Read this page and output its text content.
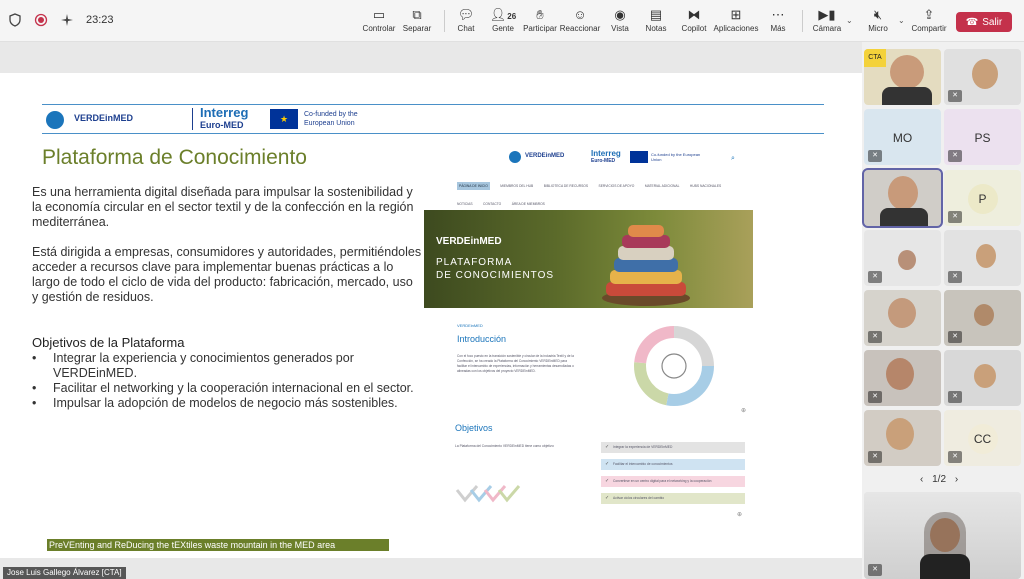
23:23	▭
Controlar
⧉
Separar
💬︎
Chat
👤︎26
Gente
✋︎
Participar
☺
Reaccionar
◉
Vista
▤
Notas
⧓
Copilot
⊞
Aplicaciones
⋯
Más
▶▮
Cámara
⌄	🔇︎
Micro
⌄	⇪
Compartir
☎ Salir
VERDEinMED	Interreg
Euro-MED
★	Co-funded by the European Union
Plataforma de Conocimiento
Es una herramienta digital diseñada para impulsar la sostenibilidad y la economía circular en el sector textil y de la confección en la región mediterránea.
Está dirigida a empresas, consumidores y autoridades, permitiéndoles acceder a recursos clave para implementar buenas prácticas a lo largo de todo el ciclo de vida del producto: fabricación, mercado, uso y gestión de residuos.
Objetivos de la Plataforma
• Integrar la experiencia y conocimientos generados por VERDEinMED.
• Facilitar el networking y la cooperación internacional en el sector.
• Impulsar la adopción de modelos de negocio más sostenibles.
PreVEnting and ReDucing the tEXtiles waste mountain in the MED area
VERDEinMED	Interreg
Euro-MED
Co-funded by the European Union	⌕
PÁGINA DE INICIO	MIEMBROS DEL HUB	BIBLIOTECA DE RECURSOS	SERVICIOS DE APOYO	MATERIAL ADICIONAL	HUBS NACIONALES NOTICIAS	CONTACTO	ÁREA DE MIEMBROS
VERDEinMED
PLATAFORMA
DE CONOCIMIENTOS
VERDEinMED
Introducción
Con el foco puesto en la transición sostenible y circular de la industria Textil y de la Confección, se ha creado la Plataforma del Conocimiento VERDEinMED para facilitar el intercambio de experiencias, información y herramientas desarrolladas o alineadas con los objetivos del proyecto VERDEinMED.
⊕
Objetivos
La Plataforma del Conocimiento VERDEinMED tiene como objetivo:
✓	Integrar la experiencia de VERDEinMED
✓ Facilitar el intercambio de conocimientos
✓ Convertirse en un centro digital para el networking y la cooperación
✓ Activar ciclos circulares del cambio
⊕
CTA
✕
MO
✕
PS
✕
P
✕
✕	✕
✕	✕
✕	✕
✕
CC
✕
‹ 1/2 ›
✕
Jose Luis Gallego Álvarez [CTA]
